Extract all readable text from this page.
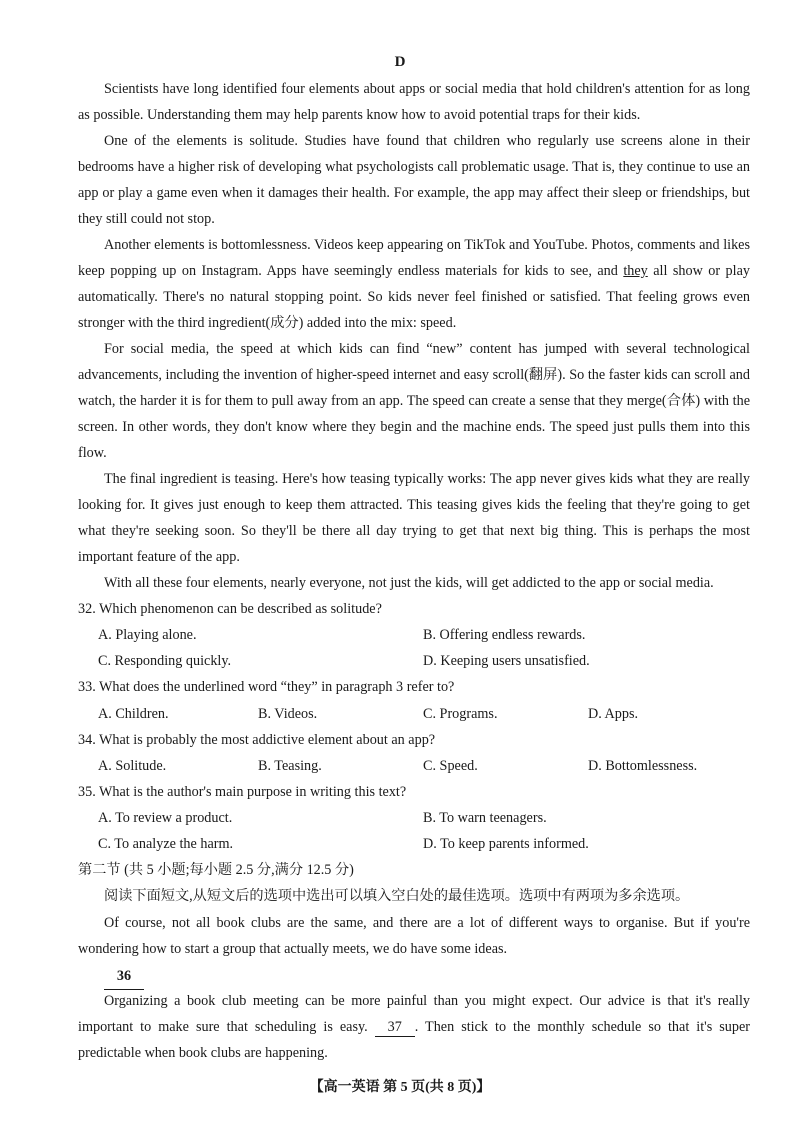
D

Scientists have long identified four elements about apps or social media that hold children's attention for as long as possible. Understanding them may help parents know how to avoid potential traps for their kids.

One of the elements is solitude. Studies have found that children who regularly use screens alone in their bedrooms have a higher risk of developing what psychologists call problematic usage. That is, they continue to use an app or play a game even when it damages their health. For example, the app may affect their sleep or friendships, but they still could not stop.

Another elements is bottomlessness. Videos keep appearing on TikTok and YouTube. Photos, comments and likes keep popping up on Instagram. Apps have seemingly endless materials for kids to see, and they all show or play automatically. There's no natural stopping point. So kids never feel finished or satisfied. That feeling grows even stronger with the third ingredient(成分) added into the mix: speed.

For social media, the speed at which kids can find “new” content has jumped with several technological advancements, including the invention of higher-speed internet and easy scroll(翻屏). So the faster kids can scroll and watch, the harder it is for them to pull away from an app. The speed can create a sense that they merge(合体) with the screen. In other words, they don't know where they begin and the machine ends. The speed just pulls them into this flow.

The final ingredient is teasing. Here's how teasing typically works: The app never gives kids what they are really looking for. It gives just enough to keep them attracted. This teasing gives kids the feeling that they're going to get what they're seeking soon. So they'll be there all day trying to get that next big thing. This is perhaps the most important feature of the app.

With all these four elements, nearly everyone, not just the kids, will get addicted to the app or social media.

32. Which phenomenon can be described as solitude?
A. Playing alone.	B. Offering endless rewards.
C. Responding quickly.	D. Keeping users unsatisfied.
33. What does the underlined word “they” in paragraph 3 refer to?
A. Children.	B. Videos.	C. Programs.	D. Apps.
34. What is probably the most addictive element about an app?
A. Solitude.	B. Teasing.	C. Speed.	D. Bottomlessness.
35. What is the author's main purpose in writing this text?
A. To review a product.	B. To warn teenagers.
C. To analyze the harm.	D. To keep parents informed.
第二节 (共 5 小题;每小题 2.5 分,满分 12.5 分)
阅读下面短文,从短文后的选项中选出可以填入空白处的最佳选项。选项中有两项为多余选项。

Of course, not all book clubs are the same, and there are a lot of different ways to organise. But if you're wondering how to start a group that actually meets, we do have some ideas.

36

Organizing a book club meeting can be more painful than you might expect. Our advice is that it's really important to make sure that scheduling is easy. 37 . Then stick to the monthly schedule so that it's super predictable when book clubs are happening.

【高一英语 第 5 页(共 8 页)】
